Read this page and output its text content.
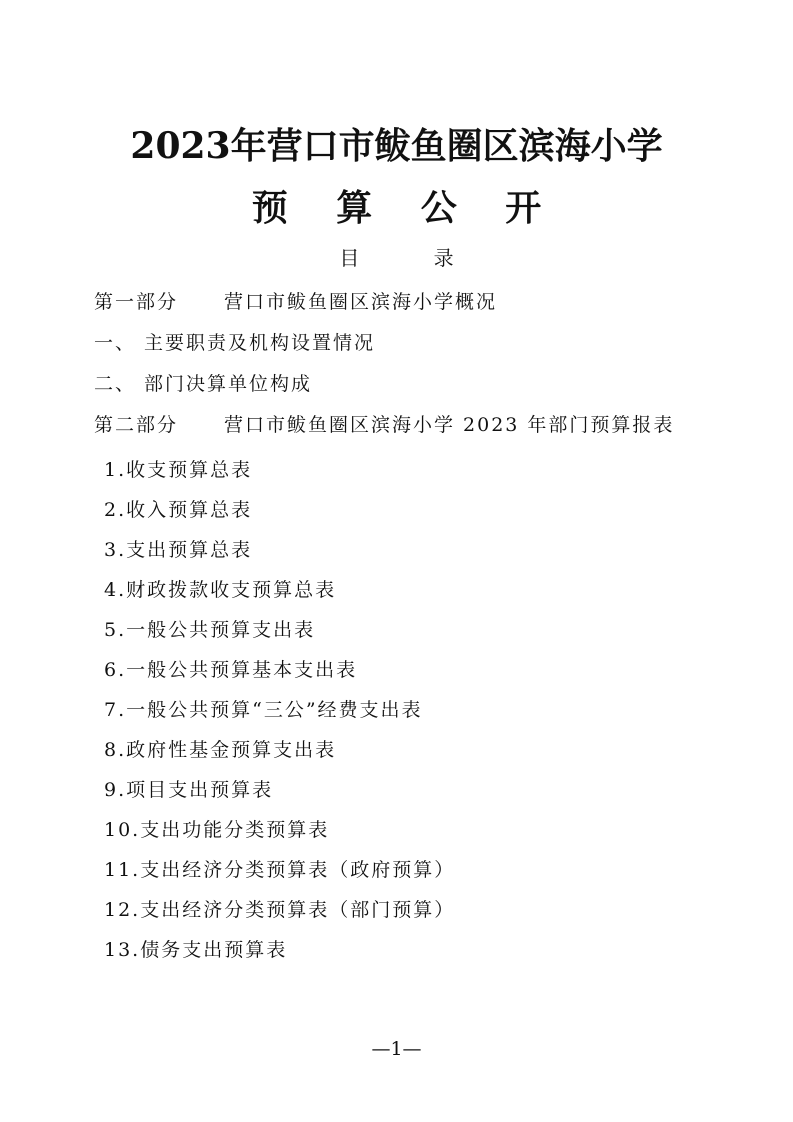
2023年营口市鲅鱼圈区滨海小学
预 算 公 开
目 录
第一部分 营口市鲅鱼圈区滨海小学概况
一、 主要职责及机构设置情况
二、 部门决算单位构成
第二部分 营口市鲅鱼圈区滨海小学 2023 年部门预算报表
1.收支预算总表
2.收入预算总表
3.支出预算总表
4.财政拨款收支预算总表
5.一般公共预算支出表
6.一般公共预算基本支出表
7.一般公共预算“三公”经费支出表
8.政府性基金预算支出表
9.项目支出预算表
10.支出功能分类预算表
11.支出经济分类预算表（政府预算）
12.支出经济分类预算表（部门预算）
13.债务支出预算表
—1—
